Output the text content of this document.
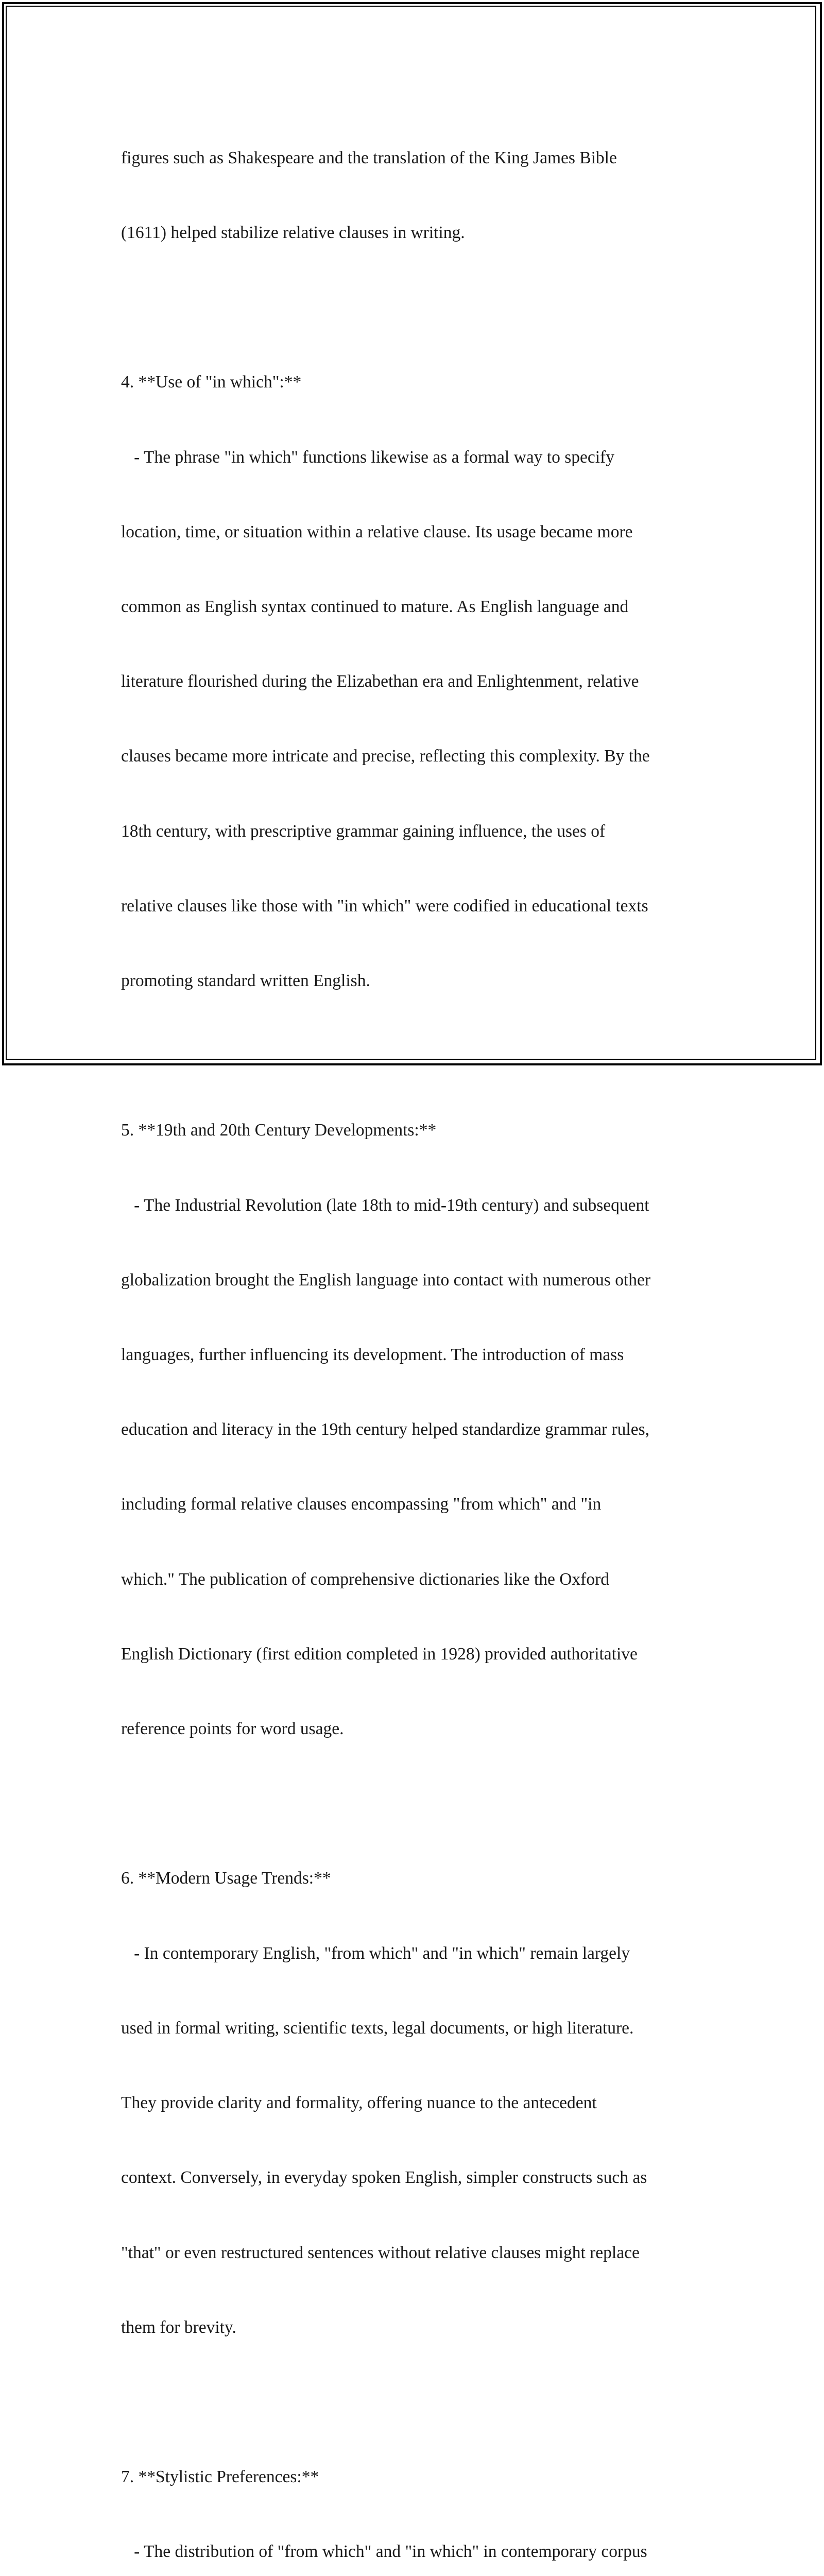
figures such as Shakespeare and the translation of the King James Bible

(1611) helped stabilize relative clauses in writing.

4. **Use of "in which":**

- The phrase "in which" functions likewise as a formal way to specify

location, time, or situation within a relative clause. Its usage became more

common as English syntax continued to mature. As English language and

literature flourished during the Elizabethan era and Enlightenment, relative

clauses became more intricate and precise, reflecting this complexity. By the

18th century, with prescriptive grammar gaining influence, the uses of

relative clauses like those with "in which" were codified in educational texts

promoting standard written English.

5. **19th and 20th Century Developments:**

- The Industrial Revolution (late 18th to mid-19th century) and subsequent

globalization brought the English language into contact with numerous other

languages, further influencing its development. The introduction of mass

education and literacy in the 19th century helped standardize grammar rules,

including formal relative clauses encompassing "from which" and "in

which." The publication of comprehensive dictionaries like the Oxford

English Dictionary (first edition completed in 1928) provided authoritative

reference points for word usage.

6. **Modern Usage Trends:**

- In contemporary English, "from which" and "in which" remain largely

used in formal writing, scientific texts, legal documents, or high literature.

They provide clarity and formality, offering nuance to the antecedent

context. Conversely, in everyday spoken English, simpler constructs such as

"that" or even restructured sentences without relative clauses might replace

them for brevity.

7. **Stylistic Preferences:**

- The distribution of "from which" and "in which" in contemporary corpus
